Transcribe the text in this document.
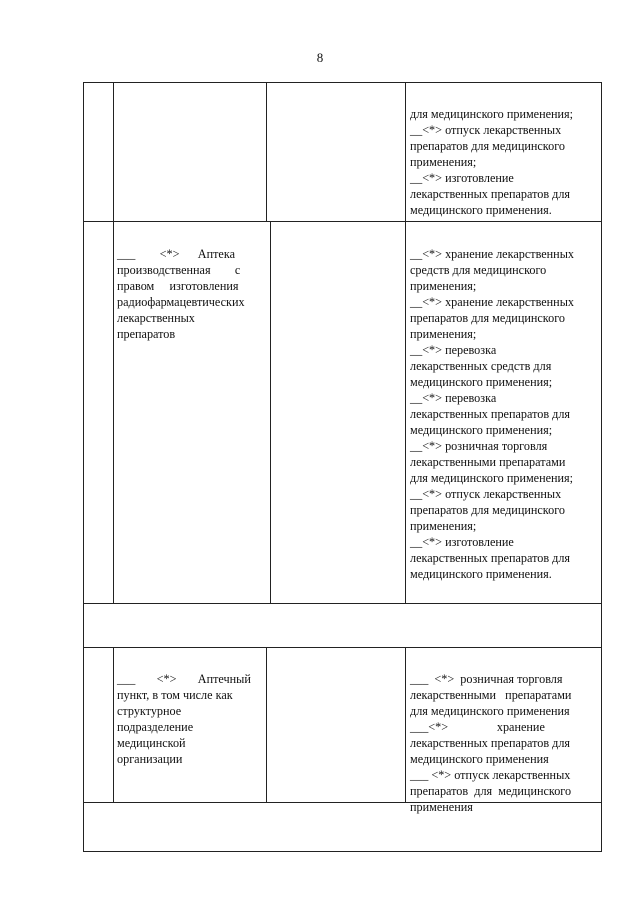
8

для медицинского применения;
__<*> отпуск лекарственных
препаратов для медицинского
применения;
__<*> изготовление
лекарственных препаратов для
медицинского применения.

___        <*>      Аптека
производственная        с
правом     изготовления
радиофармацевтических
лекарственных
препаратов

__<*> хранение лекарственных
средств для медицинского
применения;
__<*> хранение лекарственных
препаратов для медицинского
применения;
__<*> перевозка
лекарственных средств для
медицинского применения;
__<*> перевозка
лекарственных препаратов для
медицинского применения;
__<*> розничная торговля
лекарственными препаратами
для медицинского применения;
__<*> отпуск лекарственных
препаратов для медицинского
применения;
__<*> изготовление
лекарственных препаратов для
медицинского применения.

___       <*>       Аптечный
пункт, в том числе как
структурное
подразделение
медицинской
организации

___  <*>  розничная торговля
лекарственными   препаратами
для медицинского применения
___<*>                хранение
лекарственных препаратов для
медицинского применения
___ <*> отпуск лекарственных
препаратов  для  медицинского
применения
